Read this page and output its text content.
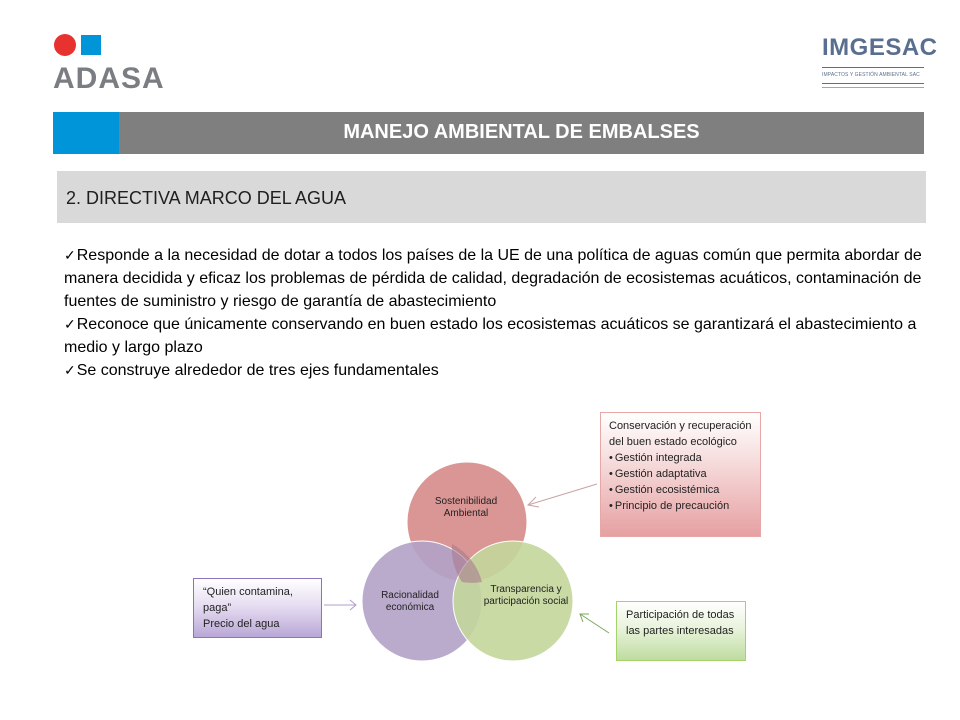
ADASA
IMGESAC
IMPACTOS Y GESTIÓN AMBIENTAL SAC
MANEJO AMBIENTAL DE EMBALSES
2. DIRECTIVA MARCO DEL AGUA

✓Responde a la necesidad de dotar a todos los países de la UE de una política de aguas común que permita abordar de manera decidida y eficaz los problemas de pérdida de calidad, degradación de ecosistemas acuáticos, contaminación de fuentes de suministro y riesgo de garantía de abastecimiento

✓Reconoce que únicamente conservando en buen estado los ecosistemas acuáticos se garantizará el abastecimiento a medio y largo plazo

✓Se construye alrededor de tres ejes fundamentales

Sostenibilidad Ambiental
Racionalidad económica
Transparencia y participación social
Conservación y recuperación del buen estado ecológico
• Gestión integrada
• Gestión adaptativa
• Gestión ecosistémica
• Principio de precaución
“Quien contamina, paga”
Precio del agua
Participación de todas las partes interesadas
